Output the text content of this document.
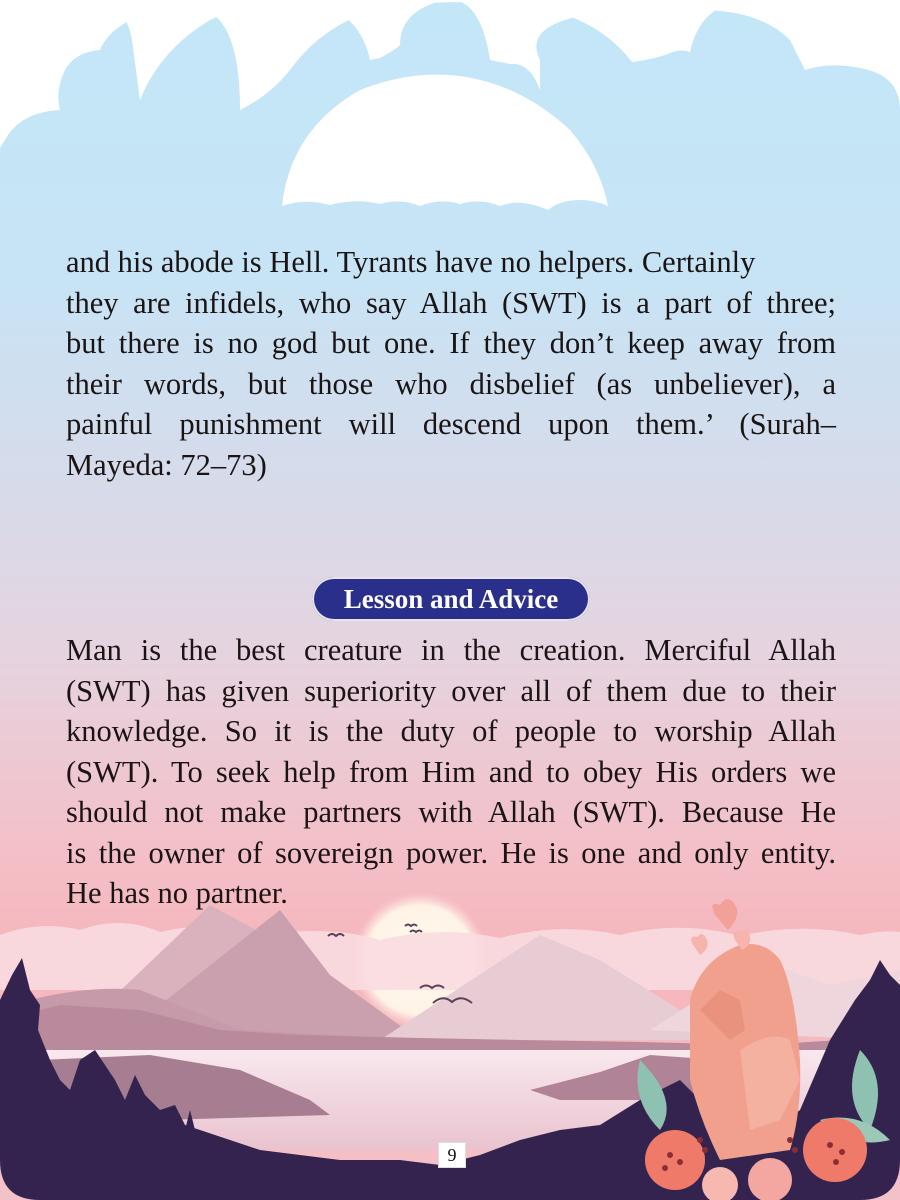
and his abode is Hell. Tyrants have no helpers. Certainly

they are infidels, who say Allah (SWT) is a part of three;

but there is no god but one. If they don’t keep away from

their words, but those who disbelief (as unbeliever), a

painful punishment will descend upon them.’ (Surah–

Mayeda: 72–73)

Lesson and Advice

Man is the best creature in the creation. Merciful Allah

(SWT) has given superiority over all of them due to their

knowledge. So it is the duty of people to worship Allah

(SWT). To seek help from Him and to obey His orders we

should not make partners with Allah (SWT). Because He

is the owner of sovereign power. He is one and only entity.

He has no partner.

9
